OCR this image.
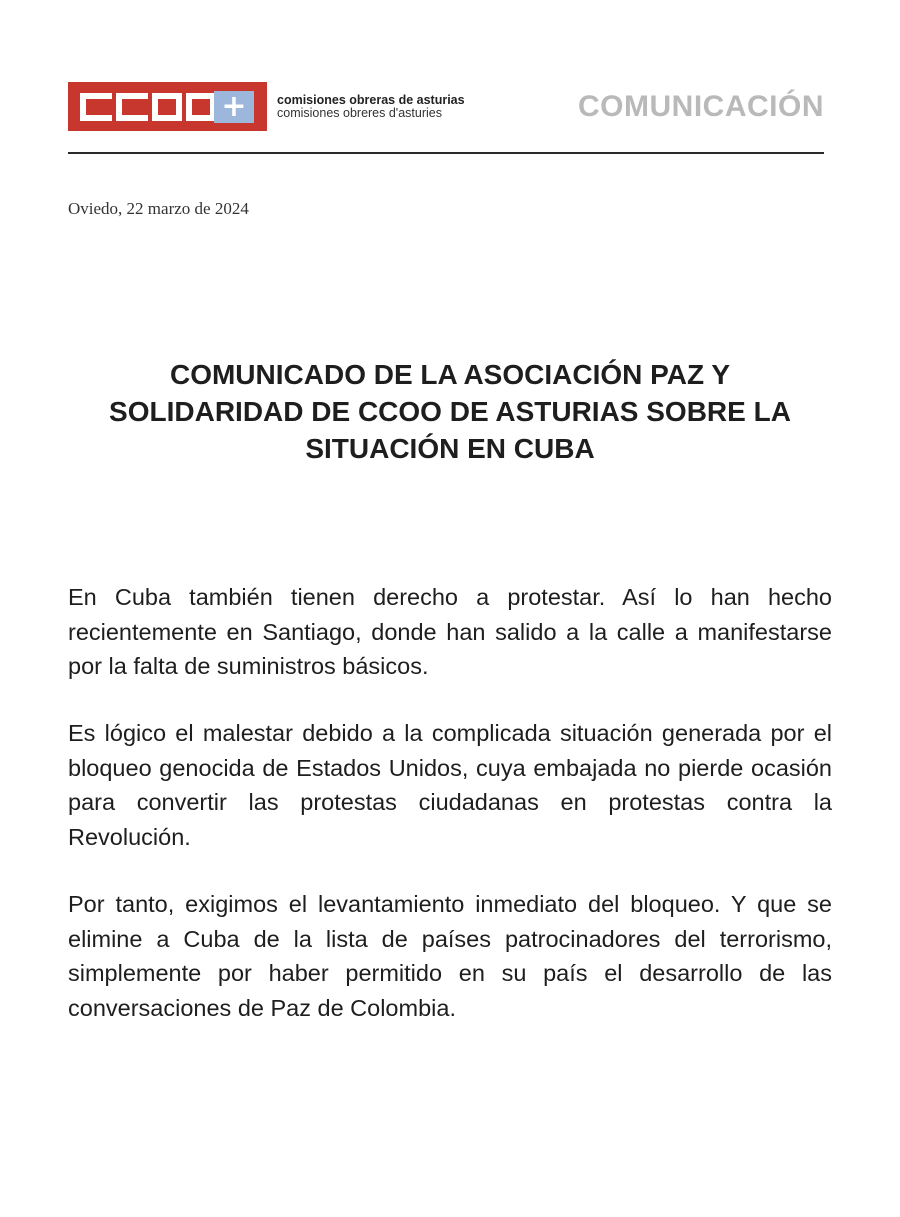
+	comisiones obreras de asturias
comisiones obreres d'asturies	COMUNICACIÓN
Oviedo, 22 marzo de 2024
COMUNICADO DE LA ASOCIACIÓN PAZ Y
SOLIDARIDAD DE CCOO DE ASTURIAS SOBRE LA
SITUACIÓN EN CUBA

En Cuba también tienen derecho a protestar. Así lo han hecho recientemente en Santiago, donde han salido a la calle a manifestarse por la falta de suministros básicos.

Es lógico el malestar debido a la complicada situación generada por el bloqueo genocida de Estados Unidos, cuya embajada no pierde ocasión para convertir las protestas ciudadanas en protestas contra la Revolución.

Por tanto, exigimos el levantamiento inmediato del bloqueo. Y que se elimine a Cuba de la lista de países patrocinadores del terrorismo, simplemente por haber permitido en su país el desarrollo de las conversaciones de Paz de Colombia.
